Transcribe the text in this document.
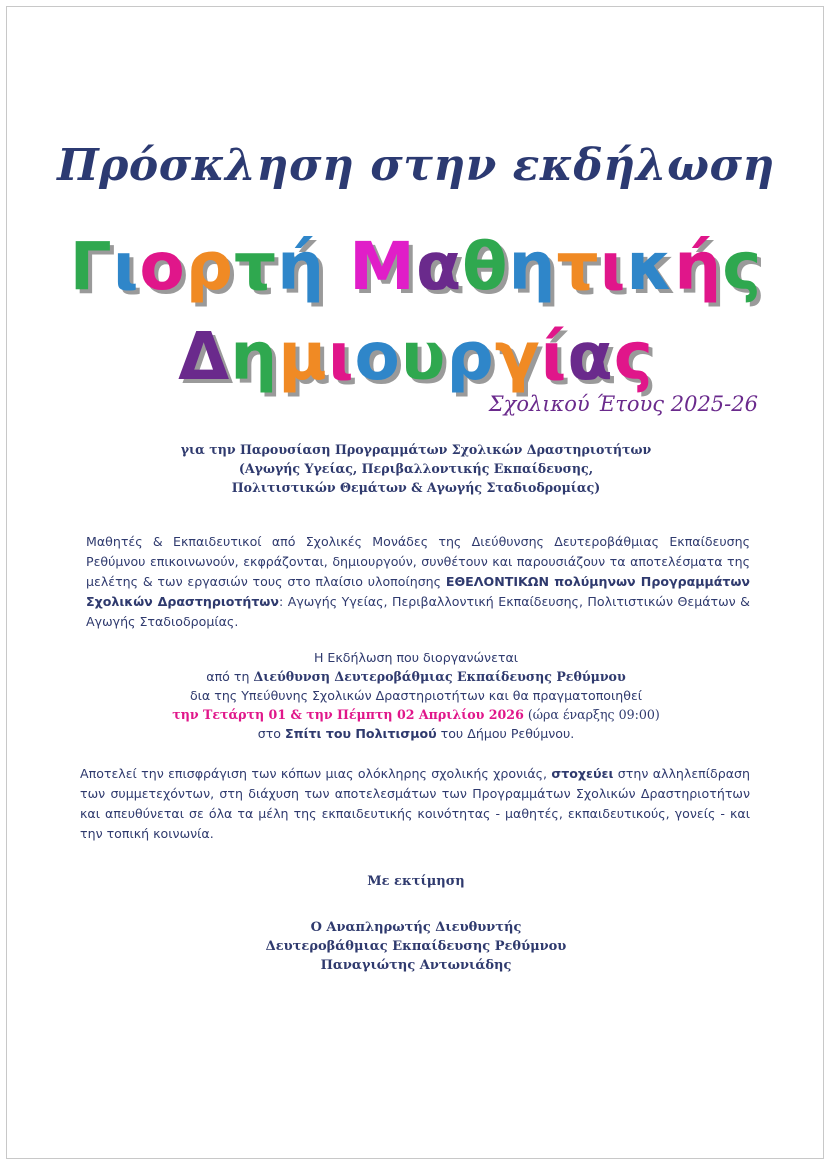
Πρόσκληση στην εκδήλωση
Γιορτή Μαθητικής
Δημιουργίας
Σχολικού Έτους 2025-26
για την Παρουσίαση Προγραμμάτων Σχολικών Δραστηριοτήτων
(Αγωγής Υγείας, Περιβαλλοντικής Εκπαίδευσης,
Πολιτιστικών Θεμάτων & Αγωγής Σταδιοδρομίας)
Μαθητές & Εκπαιδευτικοί από Σχολικές Μονάδες της Διεύθυνσης Δευτεροβάθμιας Εκπαίδευσης Ρεθύμνου επικοινωνούν, εκφράζονται, δημιουργούν, συνθέτουν και παρουσιάζουν τα αποτελέσματα της μελέτης & των εργασιών τους στο πλαίσιο υλοποίησης ΕΘΕΛΟΝΤΙΚΩΝ πολύμηνων Προγραμμάτων Σχολικών Δραστηριοτήτων: Αγωγής Υγείας, Περιβαλλοντική Εκπαίδευσης, Πολιτιστικών Θεμάτων & Αγωγής Σταδιοδρομίας.
Η Εκδήλωση που διοργανώνεται
από τη Διεύθυνση Δευτεροβάθμιας Εκπαίδευσης Ρεθύμνου
δια της Υπεύθυνης Σχολικών Δραστηριοτήτων και θα πραγματοποιηθεί
την Τετάρτη 01 & την Πέμπτη 02 Απριλίου 2026 (ώρα έναρξης 09:00)
στο Σπίτι του Πολιτισμού του Δήμου Ρεθύμνου.
Αποτελεί την επισφράγιση των κόπων μιας ολόκληρης σχολικής χρονιάς, στοχεύει στην αλληλεπίδραση των συμμετεχόντων, στη διάχυση των αποτελεσμάτων των Προγραμμάτων Σχολικών Δραστηριοτήτων και απευθύνεται σε όλα τα μέλη της εκπαιδευτικής κοινότητας - μαθητές, εκπαιδευτικούς, γονείς - και την τοπική κοινωνία.
Με εκτίμηση
Ο Αναπληρωτής Διευθυντής
Δευτεροβάθμιας Εκπαίδευσης Ρεθύμνου
Παναγιώτης Αντωνιάδης
